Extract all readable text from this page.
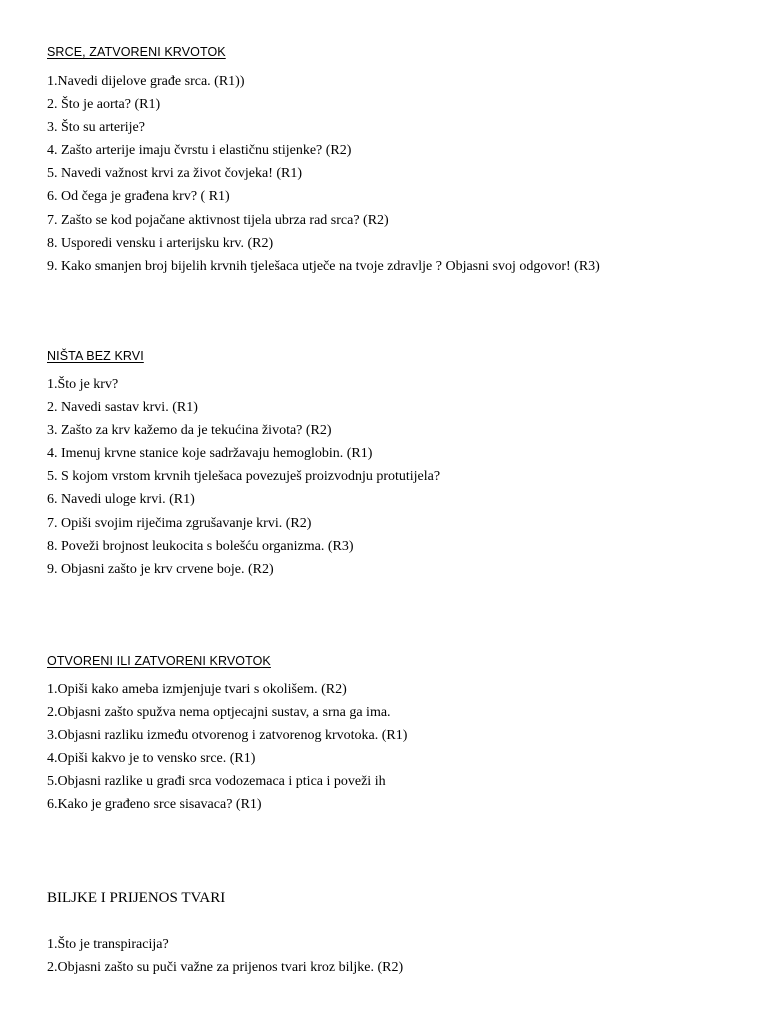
SRCE, ZATVORENI KRVOTOK
1.Navedi dijelove građe srca. (R1))
2. Što je aorta? (R1)
3. Što su arterije?
4. Zašto arterije imaju čvrstu i elastičnu stijenke? (R2)
5. Navedi važnost krvi za život čovjeka! (R1)
6. Od čega je građena krv? ( R1)
7. Zašto se kod pojačane aktivnost tijela ubrza rad srca? (R2)
8. Usporedi vensku i arterijsku krv. (R2)
9. Kako smanjen broj bijelih krvnih tjelešaca utječe na tvoje zdravlje ? Objasni svoj odgovor! (R3)
NIŠTA BEZ KRVI
1.Što je krv?
2. Navedi sastav krvi. (R1)
3. Zašto za krv kažemo da je tekućina života? (R2)
4. Imenuj krvne stanice koje sadržavaju hemoglobin. (R1)
5. S kojom vrstom krvnih tjelešaca povezuješ proizvodnju protutijela?
6. Navedi uloge krvi. (R1)
7. Opiši svojim riječima zgrušavanje krvi. (R2)
8. Poveži brojnost leukocita s bolešću organizma. (R3)
9. Objasni zašto je krv crvene boje. (R2)
OTVORENI ILI ZATVORENI KRVOTOK
1.Opiši kako ameba izmjenjuje tvari s okolišem. (R2)
2.Objasni zašto spužva nema optjecajni sustav, a srna ga ima.
3.Objasni razliku između otvorenog i zatvorenog krvotoka. (R1)
4.Opiši kakvo je to vensko srce. (R1)
5.Objasni razlike u građi srca vodozemaca i ptica i poveži ih
6.Kako je građeno srce sisavaca? (R1)
BILJKE I PRIJENOS TVARI
1.Što je transpiracija?
2.Objasni zašto su puči važne za prijenos tvari kroz biljke. (R2)
